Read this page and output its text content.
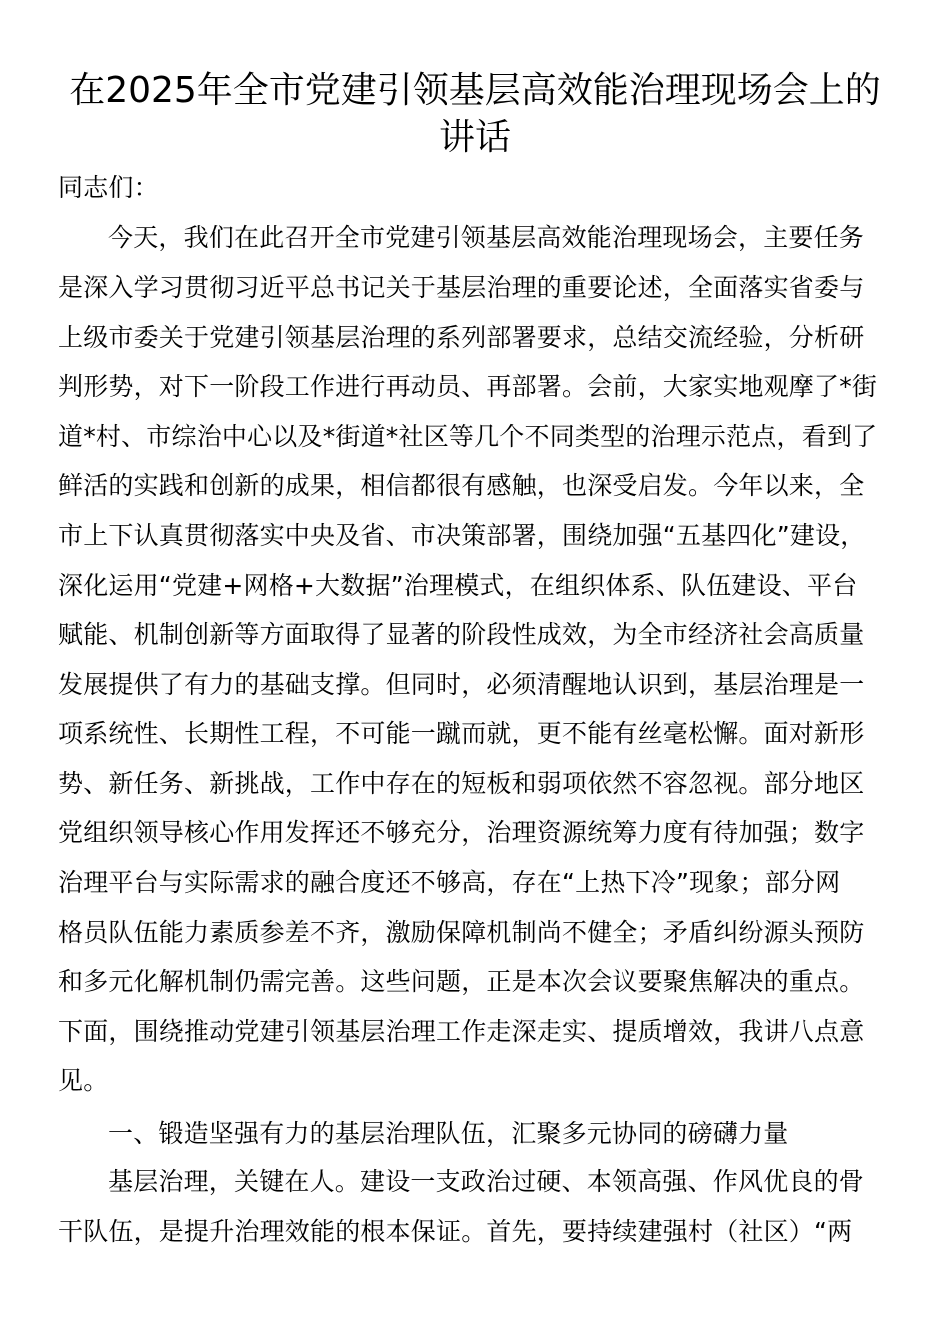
在2025年全市党建引领基层高效能治理现场会上的
讲话
同志们：
今天，我们在此召开全市党建引领基层高效能治理现场会，主要任务
是深入学习贯彻习近平总书记关于基层治理的重要论述，全面落实省委与
上级市委关于党建引领基层治理的系列部署要求，总结交流经验，分析研
判形势，对下一阶段工作进行再动员、再部署。会前，大家实地观摩了*街
道*村、市综治中心以及*街道*社区等几个不同类型的治理示范点，看到了
鲜活的实践和创新的成果，相信都很有感触，也深受启发。今年以来，全
市上下认真贯彻落实中央及省、市决策部署，围绕加强“五基四化”建设，
深化运用“党建+网格+大数据”治理模式，在组织体系、队伍建设、平台
赋能、机制创新等方面取得了显著的阶段性成效，为全市经济社会高质量
发展提供了有力的基础支撑。但同时，必须清醒地认识到，基层治理是一
项系统性、长期性工程，不可能一蹴而就，更不能有丝毫松懈。面对新形
势、新任务、新挑战，工作中存在的短板和弱项依然不容忽视。部分地区
党组织领导核心作用发挥还不够充分，治理资源统筹力度有待加强；数字
治理平台与实际需求的融合度还不够高，存在“上热下冷”现象；部分网
格员队伍能力素质参差不齐，激励保障机制尚不健全；矛盾纠纷源头预防
和多元化解机制仍需完善。这些问题，正是本次会议要聚焦解决的重点。
下面，围绕推动党建引领基层治理工作走深走实、提质增效，我讲八点意
见。
一、锻造坚强有力的基层治理队伍，汇聚多元协同的磅礴力量
基层治理，关键在人。建设一支政治过硬、本领高强、作风优良的骨
干队伍，是提升治理效能的根本保证。首先，要持续建强村（社区）“两
